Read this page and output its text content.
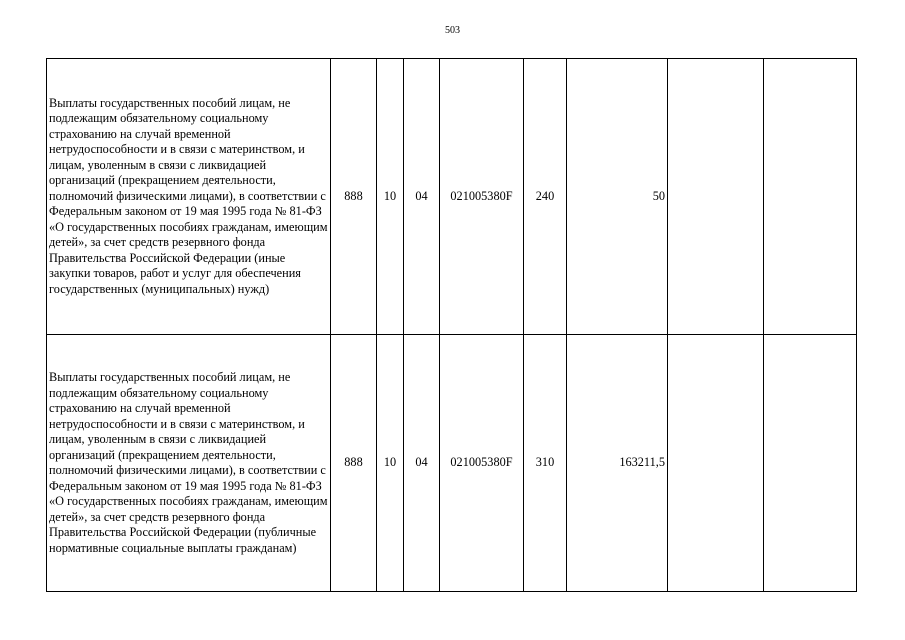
503
Выплаты государственных пособий лицам, не подлежащим обязательному социальному страхованию на случай временной нетрудоспособности и в связи с материнством, и лицам, уволенным в связи с ликвидацией организаций (прекращением деятельности, полномочий физическими лицами), в соответствии с Федеральным законом от 19 мая 1995 года № 81-ФЗ «О государственных пособиях гражданам, имеющим детей», за счет средств резервного фонда Правительства Российской Федерации (иные закупки товаров, работ и услуг для обеспечения государственных (муниципальных) нужд)	888	10	04	021005380F	240	50		
Выплаты государственных пособий лицам, не подлежащим обязательному социальному страхованию на случай временной нетрудоспособности и в связи с материнством, и лицам, уволенным в связи с ликвидацией организаций (прекращением деятельности, полномочий физическими лицами), в соответствии с Федеральным законом от 19 мая 1995 года № 81-ФЗ «О государственных пособиях гражданам, имеющим детей», за счет средств резервного фонда Правительства Российской Федерации (публичные нормативные социальные выплаты гражданам)	888	10	04	021005380F	310	163211,5		
